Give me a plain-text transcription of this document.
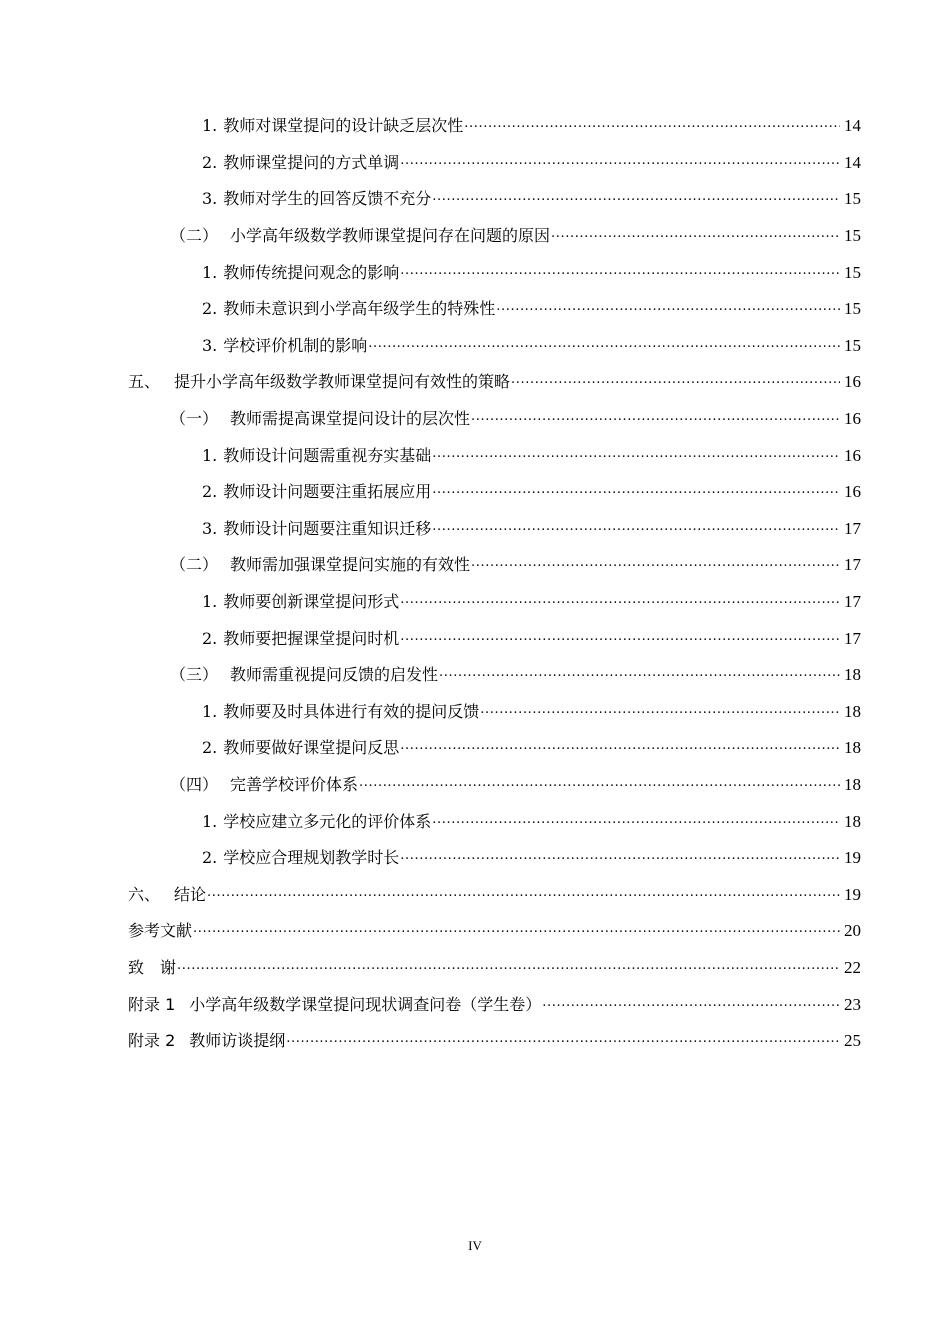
1. 教师对课堂提问的设计缺乏层次性 .....	14
2. 教师课堂提问的方式单调 .....	14
3. 教师对学生的回答反馈不充分 .....	15
（二） 小学高年级数学教师课堂提问存在问题的原因 .....	15
1. 教师传统提问观念的影响 .....	15
2. 教师未意识到小学高年级学生的特殊性 .....	15
3. 学校评价机制的影响 .....	15
五、 提升小学高年级数学教师课堂提问有效性的策略 .....	16
（一） 教师需提高课堂提问设计的层次性 .....	16
1. 教师设计问题需重视夯实基础 .....	16
2. 教师设计问题要注重拓展应用 .....	16
3. 教师设计问题要注重知识迁移 .....	17
（二） 教师需加强课堂提问实施的有效性 .....	17
1. 教师要创新课堂提问形式 .....	17
2. 教师要把握课堂提问时机 .....	17
（三） 教师需重视提问反馈的启发性 .....	18
1. 教师要及时具体进行有效的提问反馈 .....	18
2. 教师要做好课堂提问反思 .....	18
（四） 完善学校评价体系 .....	18
1. 学校应建立多元化的评价体系 .....	18
2. 学校应合理规划教学时长 .....	19
六、 结论 .....	19
参考文献 .....	20
致　谢 .....	22
附录 1 小学高年级数学课堂提问现状调查问卷（学生卷） .....	23
附录 2 教师访谈提纲 .....	25
IV
